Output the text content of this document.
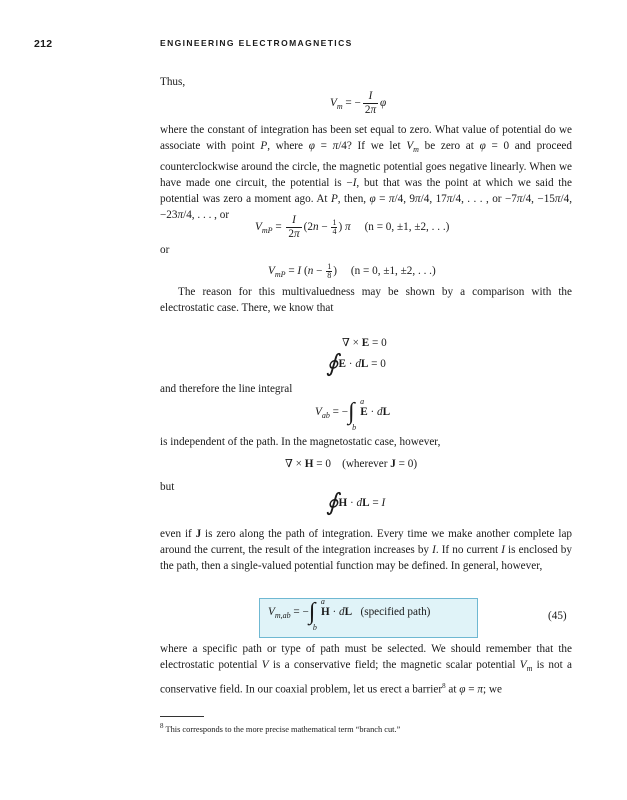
212	ENGINEERING ELECTROMAGNETICS
Thus,
$V_m$ = − $\frac{I}{2\pi}$ φ
where the constant of integration has been set equal to zero. What value of potential do we associate with point P, where φ = π/4? If we let $V_m$ be zero at φ = 0 and proceed counterclockwise around the circle, the magnetic potential goes negative linearly. When we have made one circuit, the potential is −I, but that was the point at which we said the potential was zero a moment ago. At P, then, φ = π/4, 9π/4, 17π/4, . . . , or −7π/4, −15π/4, −23π/4, . . . , or
$V_{mP} = \frac{I}{2\pi} (2n - \frac{1}{4}$ ) π (n = 0, ±1, ±2, . . .)
or
$V_{mP} = I$ ($n - \frac{1}{8}$ )     (n = 0, ±1, ±2, . . .)
The reason for this multivaluedness may be shown by a comparison with the electrostatic case. There, we know that
∇ × E = 0
∮E · dL = 0
and therefore the line integral
$V_{ab}$ = −∫ a
b
E · dL
is independent of the path. In the magnetostatic case, however,
∇ × H = 0    (wherever J = 0)
but
∮H · dL = I
even if J is zero along the path of integration. Every time we make another complete lap around the current, the result of the integration increases by I. If no current I is enclosed by the path, then a single-valued potential function may be defined. In general, however,
$V_{m,ab}$ = −∫ a
b
H · dL (specified path)	(45)
where a specific path or type of path must be selected. We should remember that the electrostatic potential V is a conservative field; the magnetic scalar potential $V_m$ is not a conservative field. In our coaxial problem, let us erect a barrier$^8$ at φ = π; we
$^8$ This corresponds to the more precise mathematical term “branch cut.”
